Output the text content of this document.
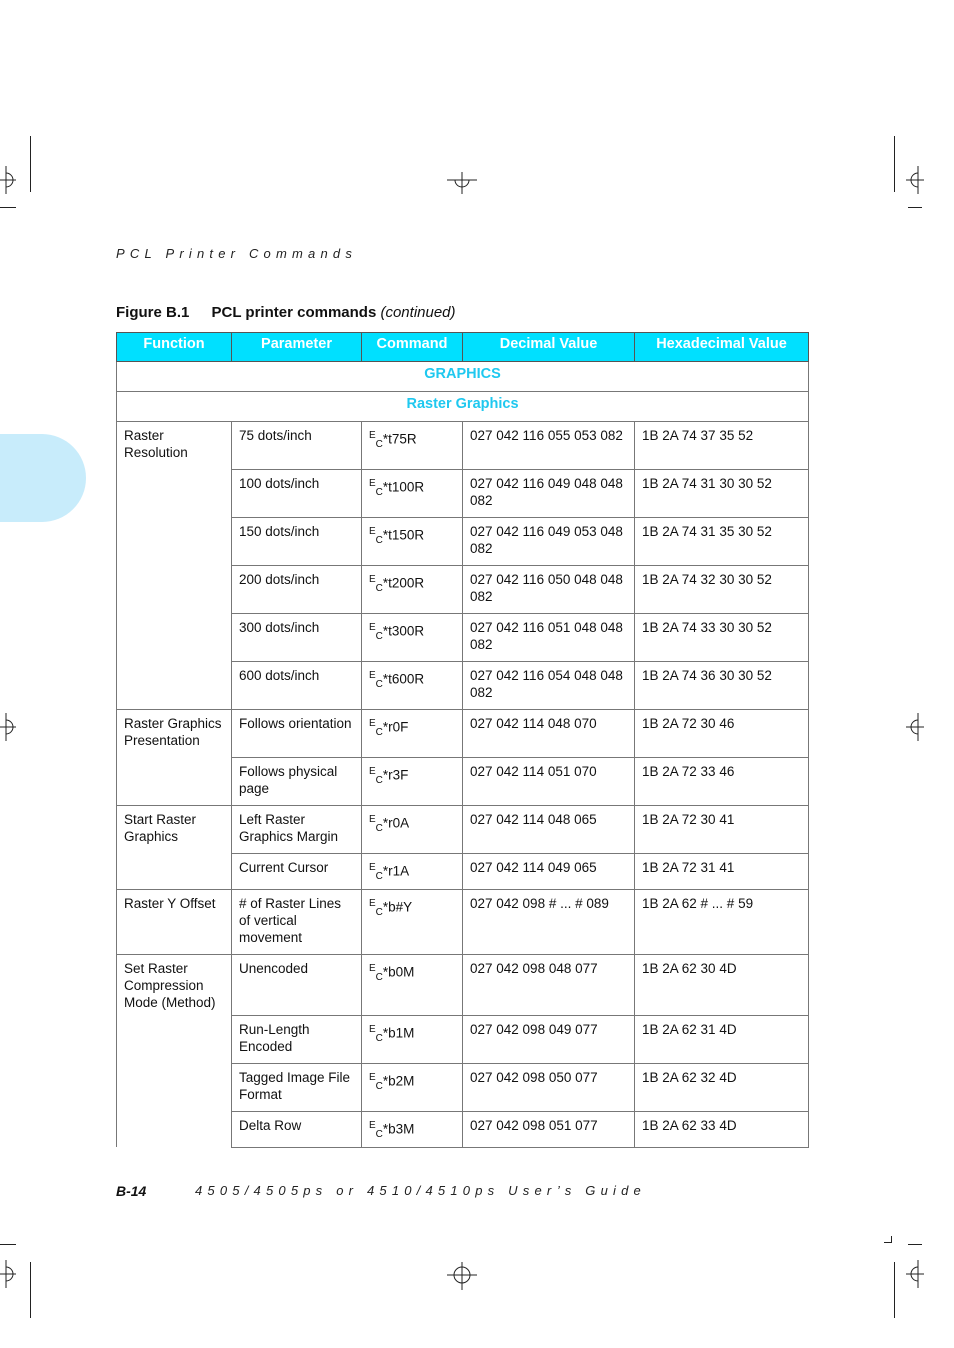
PCL Printer Commands
Figure B.1 PCL printer commands (continued)
Function	Parameter	Command	Decimal Value	Hexadecimal Value
GRAPHICS				
Raster Graphics				
Raster Resolution	75 dots/inch	$^E_C$*t75R	027 042 116 055 053 082	1B 2A 74 37 35 52
	100 dots/inch	$^E_C$*t100R	027 042 116 049 048 048 082	1B 2A 74 31 30 30 52
	150 dots/inch	$^E_C$*t150R	027 042 116 049 053 048 082	1B 2A 74 31 35 30 52
	200 dots/inch	$^E_C$*t200R	027 042 116 050 048 048 082	1B 2A 74 32 30 30 52
	300 dots/inch	$^E_C$*t300R	027 042 116 051 048 048 082	1B 2A 74 33 30 30 52
	600 dots/inch	$^E_C$*t600R	027 042 116 054 048 048 082	1B 2A 74 36 30 30 52
Raster Graphics Presentation	Follows orientation	$^E_C$*r0F	027 042 114 048 070	1B 2A 72 30 46
	Follows physical page	$^E_C$*r3F	027 042 114 051 070	1B 2A 72 33 46
Start Raster Graphics	Left Raster Graphics Margin	$^E_C$*r0A	027 042 114 048 065	1B 2A 72 30 41
	Current Cursor	$^E_C$*r1A	027 042 114 049 065	1B 2A 72 31 41
Raster Y Offset	# of Raster Lines of vertical movement	$^E_C$*b#Y	027 042 098 # ... # 089	1B 2A 62 # ... # 59
Set Raster Compression Mode (Method)	Unencoded	$^E_C$*b0M	027 042 098 048 077	1B 2A 62 30 4D
	Run-Length Encoded	$^E_C$*b1M	027 042 098 049 077	1B 2A 62 31 4D
	Tagged Image File Format	$^E_C$*b2M	027 042 098 050 077	1B 2A 62 32 4D
	Delta Row	$^E_C$*b3M	027 042 098 051 077	1B 2A 62 33 4D
B-14	4505/4505ps or 4510/4510ps User’s Guide
